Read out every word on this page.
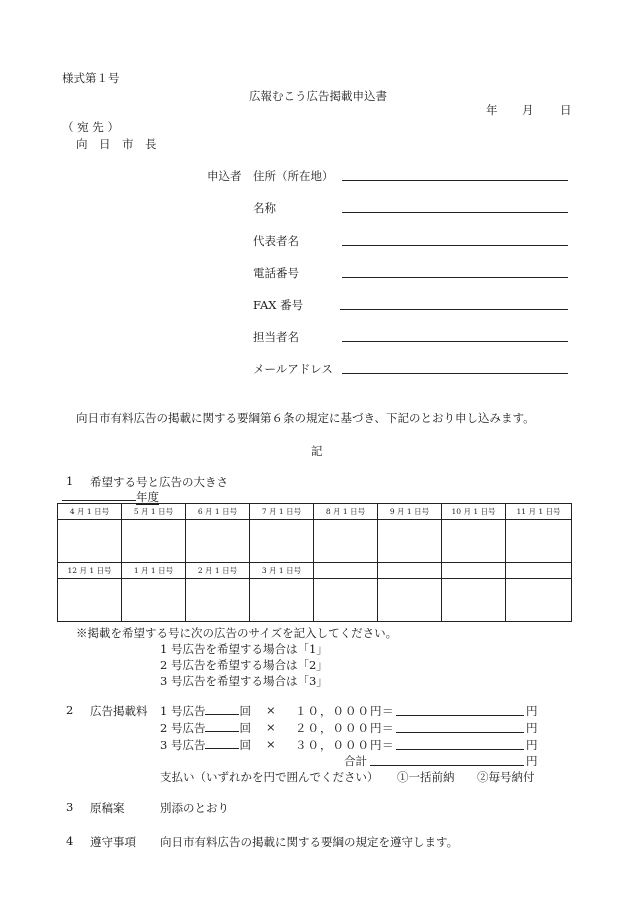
様式第１号
広報むこう広告掲載申込書
年 月 日
（ 宛 先 ）
向　日　市　長
申込者 住所（所在地）
名称
代表者名
電話番号
FAX 番号
担当者名
メールアドレス
向日市有料広告の掲載に関する要綱第６条の規定に基づき、下記のとおり申し込みます。
記
1 希望する号と広告の大きさ
年度
4 月 1 日号	5 月 1 日号	6 月 1 日号	7 月 1 日号	8 月 1 日号	9 月 1 日号	10 月 1 日号	11 月 1 日号

12 月 1 日号	1 月 1 日号	2 月 1 日号	3 月 1 日号				

※掲載を希望する号に次の広告のサイズを記入してください。
1 号広告を希望する場合は「1」
2 号広告を希望する場合は「2」
3 号広告を希望する場合は「3」
2 広告掲載料 1 号広告	回 × １０，０００円 ＝	円
2 号広告	回 × ２０，０００円 ＝	円
3 号広告	回 × ３０，０００円 ＝	円
合計	円
支払い（いずれかを円で囲んでください） ①一括前納 ②毎号納付
3 原稿案	別添のとおり
4 遵守事項 向日市有料広告の掲載に関する要綱の規定を遵守します。
